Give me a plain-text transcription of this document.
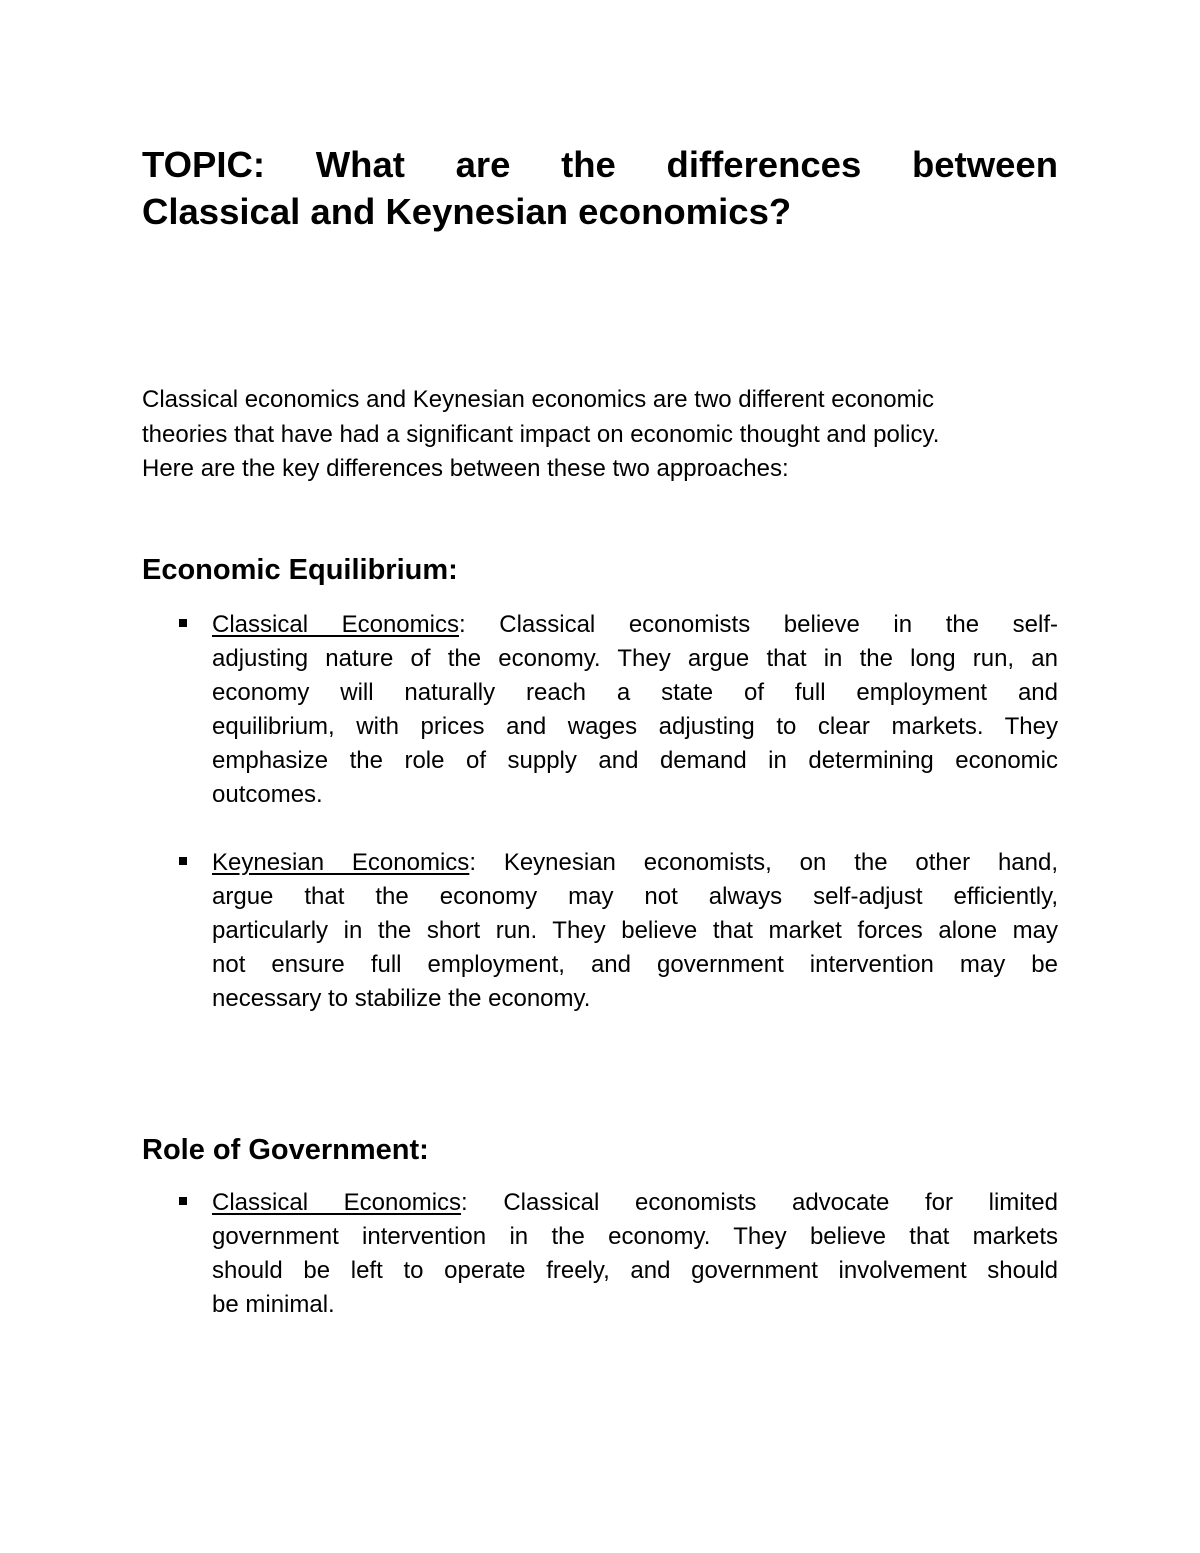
TOPIC: What are the differences between
Classical and Keynesian economics?

Classical economics and Keynesian economics are two different economic
theories that have had a significant impact on economic thought and policy.
Here are the key differences between these two approaches:

Economic Equilibrium:
Classical Economics: Classical economists believe in the self-
adjusting nature of the economy. They argue that in the long run, an
economy will naturally reach a state of full employment and
equilibrium, with prices and wages adjusting to clear markets. They
emphasize the role of supply and demand in determining economic
outcomes.
Keynesian Economics: Keynesian economists, on the other hand,
argue that the economy may not always self-adjust efficiently,
particularly in the short run. They believe that market forces alone may
not ensure full employment, and government intervention may be
necessary to stabilize the economy.
Role of Government:
Classical Economics: Classical economists advocate for limited
government intervention in the economy. They believe that markets
should be left to operate freely, and government involvement should
be minimal.
